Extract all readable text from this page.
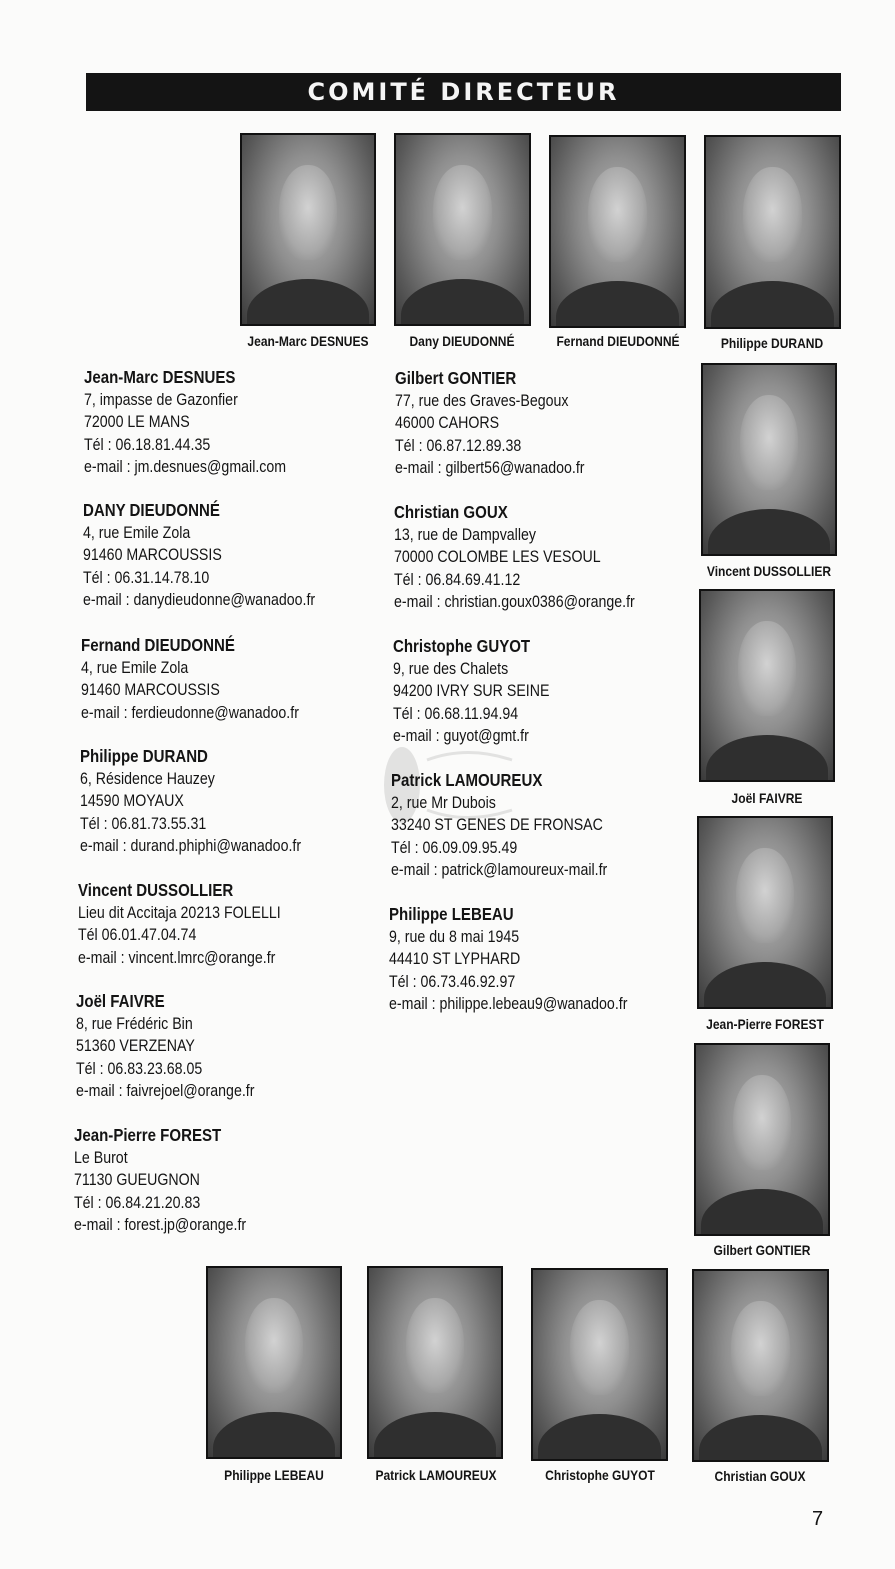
COMITÉ DIRECTEUR
Jean-Marc DESNUES	Dany DIEUDONNÉ	Fernand DIEUDONNÉ	Philippe DURAND
Vincent DUSSOLLIER
Joël FAIVRE
Jean-Pierre FOREST
Gilbert GONTIER
Philippe LEBEAU	Patrick LAMOUREUX	Christophe GUYOT	Christian GOUX
Jean-Marc DESNUES
7, impasse de Gazonfier
72000 LE MANS
Tél : 06.18.81.44.35
e-mail : jm.desnues@gmail.com
DANY DIEUDONNÉ
4, rue Emile Zola
91460 MARCOUSSIS
Tél : 06.31.14.78.10
e-mail : danydieudonne@wanadoo.fr
Fernand DIEUDONNÉ
4, rue Emile Zola
91460 MARCOUSSIS
e-mail : ferdieudonne@wanadoo.fr
Philippe DURAND
6, Résidence Hauzey
14590 MOYAUX
Tél : 06.81.73.55.31
e-mail : durand.phiphi@wanadoo.fr
Vincent DUSSOLLIER
Lieu dit Accitaja 20213 FOLELLI
Tél 06.01.47.04.74
e-mail : vincent.lmrc@orange.fr
Joël FAIVRE
8, rue Frédéric Bin
51360 VERZENAY
Tél : 06.83.23.68.05
e-mail : faivrejoel@orange.fr
Jean-Pierre FOREST
Le Burot
71130 GUEUGNON
Tél : 06.84.21.20.83
e-mail : forest.jp@orange.fr
Gilbert GONTIER
77, rue des Graves-Begoux
46000 CAHORS
Tél : 06.87.12.89.38
e-mail : gilbert56@wanadoo.fr
Christian GOUX
13, rue de Dampvalley
70000 COLOMBE LES VESOUL
Tél : 06.84.69.41.12
e-mail : christian.goux0386@orange.fr
Christophe GUYOT
9, rue des Chalets
94200 IVRY SUR SEINE
Tél : 06.68.11.94.94
e-mail : guyot@gmt.fr
Patrick LAMOUREUX
2, rue Mr Dubois
33240 ST GENES DE FRONSAC
Tél : 06.09.09.95.49
e-mail : patrick@lamoureux-mail.fr
Philippe LEBEAU
9, rue du 8 mai 1945
44410 ST LYPHARD
Tél : 06.73.46.92.97
e-mail : philippe.lebeau9@wanadoo.fr
7
